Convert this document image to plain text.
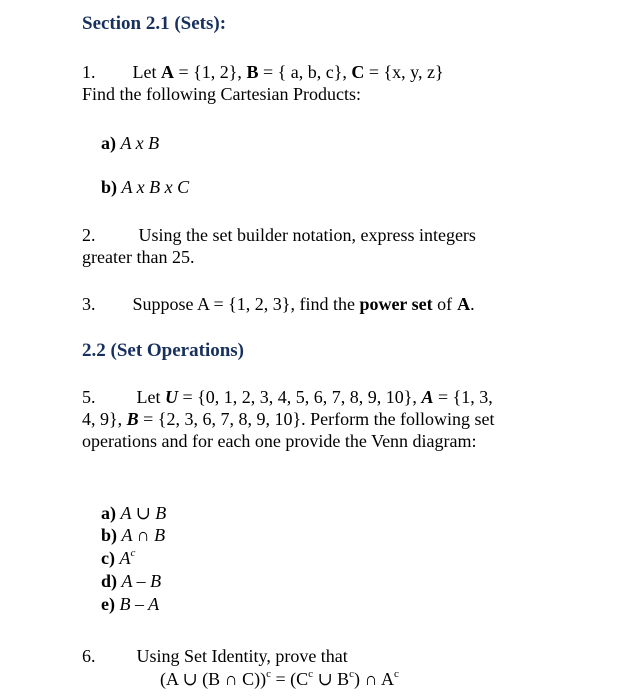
Section 2.1 (Sets):
1. Let A = {1, 2}, B = { a, b, c}, C = {x, y, z}
Find the following Cartesian Products:
a) A x B
b) A x B x C
2. Using the set builder notation, express integers
greater than 25.
3. Suppose A = {1, 2, 3}, find the power set of A.
2.2 (Set Operations)
5. Let U = {0, 1, 2, 3, 4, 5, 6, 7, 8, 9, 10}, A = {1, 3,
4, 9}, B = {2, 3, 6, 7, 8, 9, 10}. Perform the following set
operations and for each one provide the Venn diagram:
a) A ∪ B
b) A ∩ B
c) $A^c$
d) A – B
e) B – A
6. Using Set Identity, prove that
(A ∪ (B ∩ $C))^c = (C^c$ ∪ $B^c$) ∩ $A^c$
